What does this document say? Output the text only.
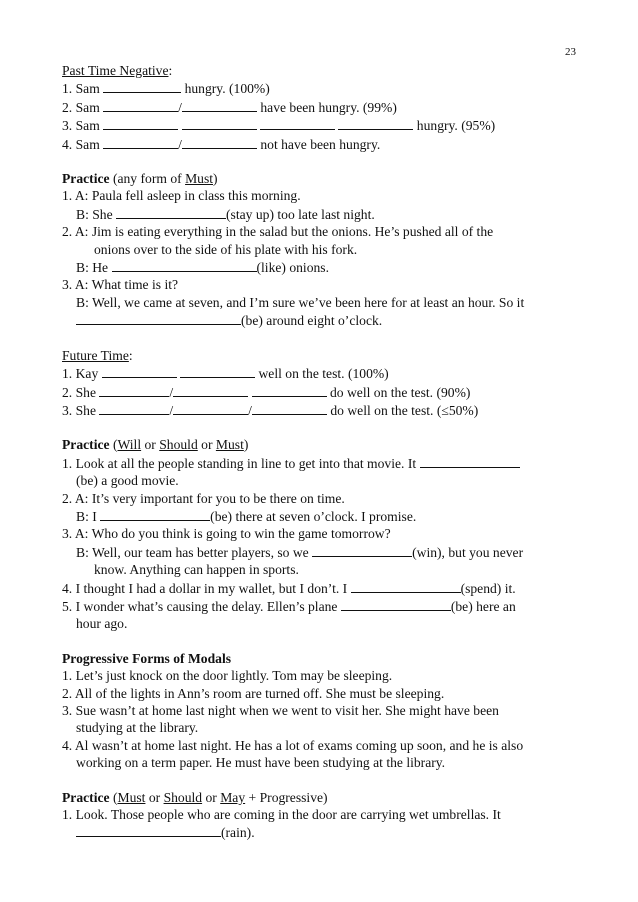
23
Past Time Negative:
1. Sam	hungry. (100%)
2. Sam	/	have been hungry. (99%)
3. Sam	hungry. (95%)
4. Sam	/	not have been hungry.
Practice (any form of Must)
1. A: Paula fell asleep in class this morning.
B: She	(stay up) too late last night.
2. A: Jim is eating everything in the salad but the onions. He’s pushed all of the
onions over to the side of his plate with his fork.
B: He	(like) onions.
3. A: What time is it?
B: Well, we came at seven, and I’m sure we’ve been here for at least an hour. So it
(be) around eight o’clock.
Future Time:
1. Kay	well on the test. (100%)
2. She	/	do well on the test. (90%)
3. She	/	/	do well on the test. (≤50%)
Practice (Will or Should or Must)
1. Look at all the people standing in line to get into that movie. It
(be) a good movie.
2. A: It’s very important for you to be there on time.
B: I	(be) there at seven o’clock. I promise.
3. A: Who do you think is going to win the game tomorrow?
B: Well, our team has better players, so we	(win), but you never
know. Anything can happen in sports.
4. I thought I had a dollar in my wallet, but I don’t. I	(spend) it.
5. I wonder what’s causing the delay. Ellen’s plane	(be) here an
hour ago.
Progressive Forms of Modals
1. Let’s just knock on the door lightly. Tom may be sleeping.
2. All of the lights in Ann’s room are turned off. She must be sleeping.
3. Sue wasn’t at home last night when we went to visit her. She might have been
studying at the library.
4. Al wasn’t at home last night. He has a lot of exams coming up soon, and he is also
working on a term paper. He must have been studying at the library.
Practice (Must or Should or May + Progressive)
1. Look. Those people who are coming in the door are carrying wet umbrellas. It
(rain).
